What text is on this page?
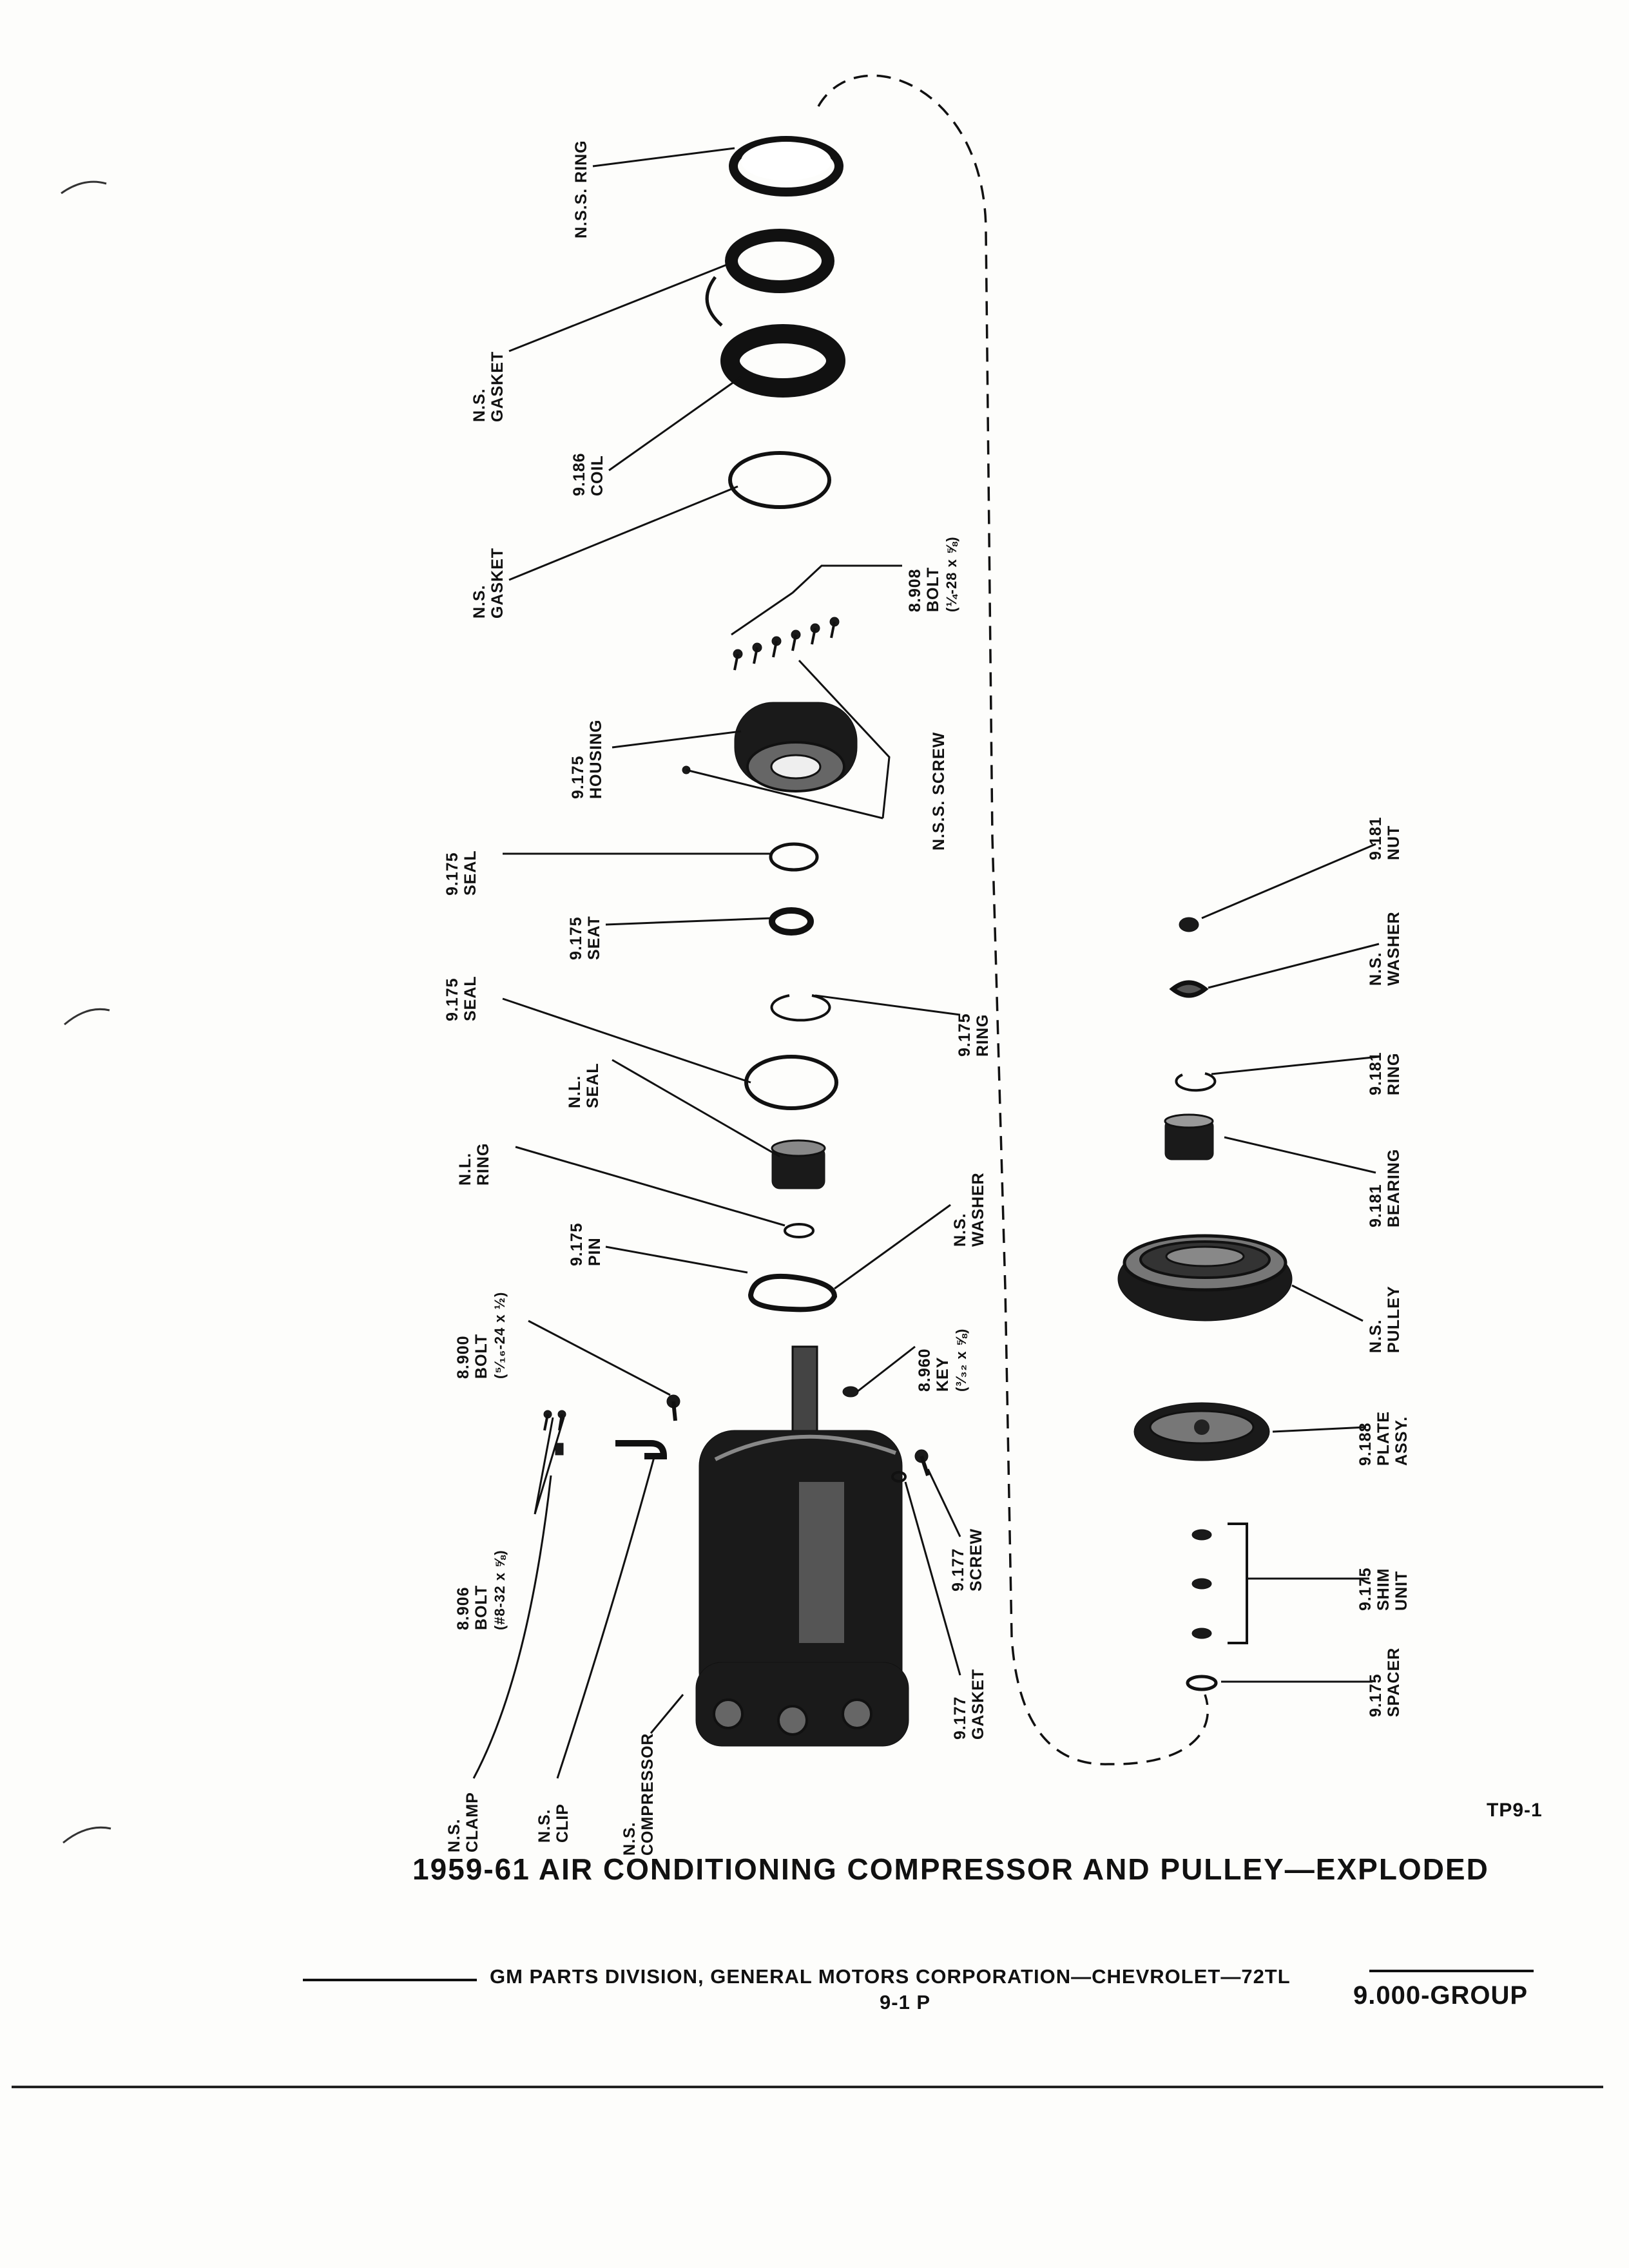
N.S.S. RING
N.S. GASKET
9.186 COIL
N.S. GASKET	8.908 BOLT (¼-28 x ⅝)
9.175 HOUSING	N.S.S. SCREW
9.175 SEAL
9.175 SEAT
9.175 RING
9.175 SEAL
N.L. SEAL
N.L. RING
9.175 PIN
N.S. WASHER
8.900 BOLT (⁵⁄₁₆-24 x ½)	8.960 KEY (³⁄₃₂ x ⅝)
8.906 BOLT (#8-32 x ⅝)	9.177 SCREW
N.S. CLAMP	N.S. CLIP	N.S. COMPRESSOR
9.177 GASKET
9.181 NUT
N.S. WASHER
9.181 RING
9.181 BEARING
N.S. PULLEY
9.188 PLATE ASSY.
9.175 SHIM UNIT
9.175 SPACER
TP9-1
1959-61 AIR CONDITIONING COMPRESSOR AND PULLEY—EXPLODED
GM PARTS DIVISION, GENERAL MOTORS CORPORATION—CHEVROLET—72TL
9-1 P	9.000-GROUP
